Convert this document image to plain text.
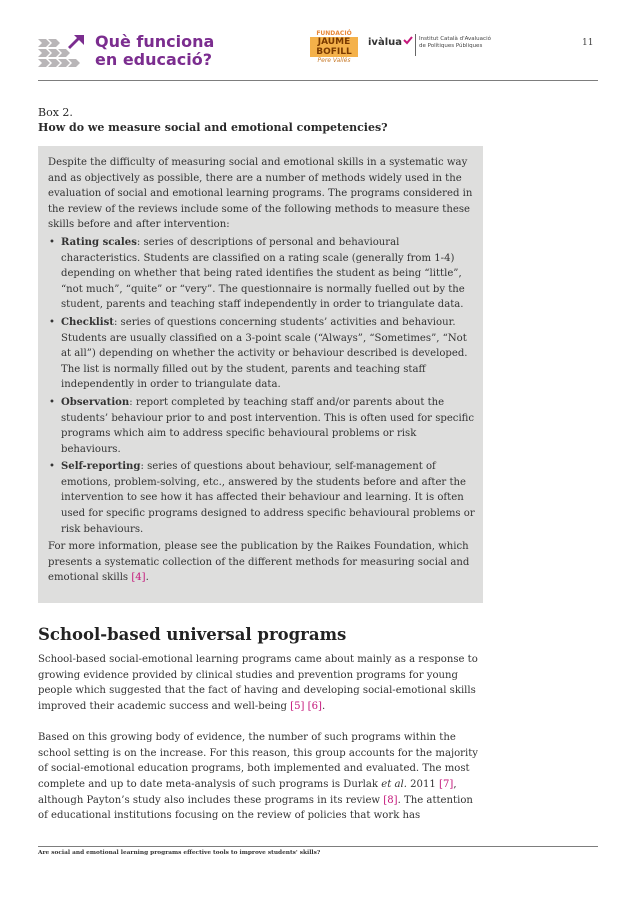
Què funciona
en educació?
FUNDACIÓ
JAUME
BOFILL
Pere Vallés
ivàlua	Institut Català d'Avaluació
de Polítiques Públiques	11
Box 2.
How do we measure social and emotional competencies?

Despite the difficulty of measuring social and emotional skills in a systematic way and as objectively as possible, there are a number of methods widely used in the evaluation of social and emotional learning programs. The programs considered in the review of the reviews include some of the following methods to measure these skills before and after intervention:

• Rating scales: series of descriptions of personal and behavioural characteristics. Students are classified on a rating scale (generally from 1-4) depending on whether that being rated identifies the student as being “little”, “not much”, “quite” or “very”. The questionnaire is normally fuelled out by the student, parents and teaching staff independently in order to triangulate data.
• Checklist: series of questions concerning students’ activities and behaviour. Students are usually classified on a 3-point scale (“Always”, “Sometimes”, “Not at all”) depending on whether the activity or behaviour described is developed. The list is normally filled out by the student, parents and teaching staff independently in order to triangulate data.
• Observation: report completed by teaching staff and/or parents about the students’ behaviour prior to and post intervention. This is often used for specific programs which aim to address specific behavioural problems or risk behaviours.
• Self-reporting: series of questions about behaviour, self-management of emotions, problem-solving, etc., answered by the students before and after the intervention to see how it has affected their behaviour and learning. It is often used for specific programs designed to address specific behavioural problems or risk behaviours.

For more information, please see the publication by the Raikes Foundation, which presents a systematic collection of the different methods for measuring social and emotional skills [4].

School-based universal programs

School-based social-emotional learning programs came about mainly as a response to growing evidence provided by clinical studies and prevention programs for young people which suggested that the fact of having and developing social-emotional skills improved their academic success and well-being [5] [6].

Based on this growing body of evidence, the number of such programs within the school setting is on the increase. For this reason, this group accounts for the majority of social-emotional education programs, both implemented and evaluated. The most complete and up to date meta-analysis of such programs is Durlak et al. 2011 [7], although Payton’s study also includes these programs in its review [8]. The attention of educational institutions focusing on the review of policies that work has

Are social and emotional learning programs effective tools to improve students' skills?
